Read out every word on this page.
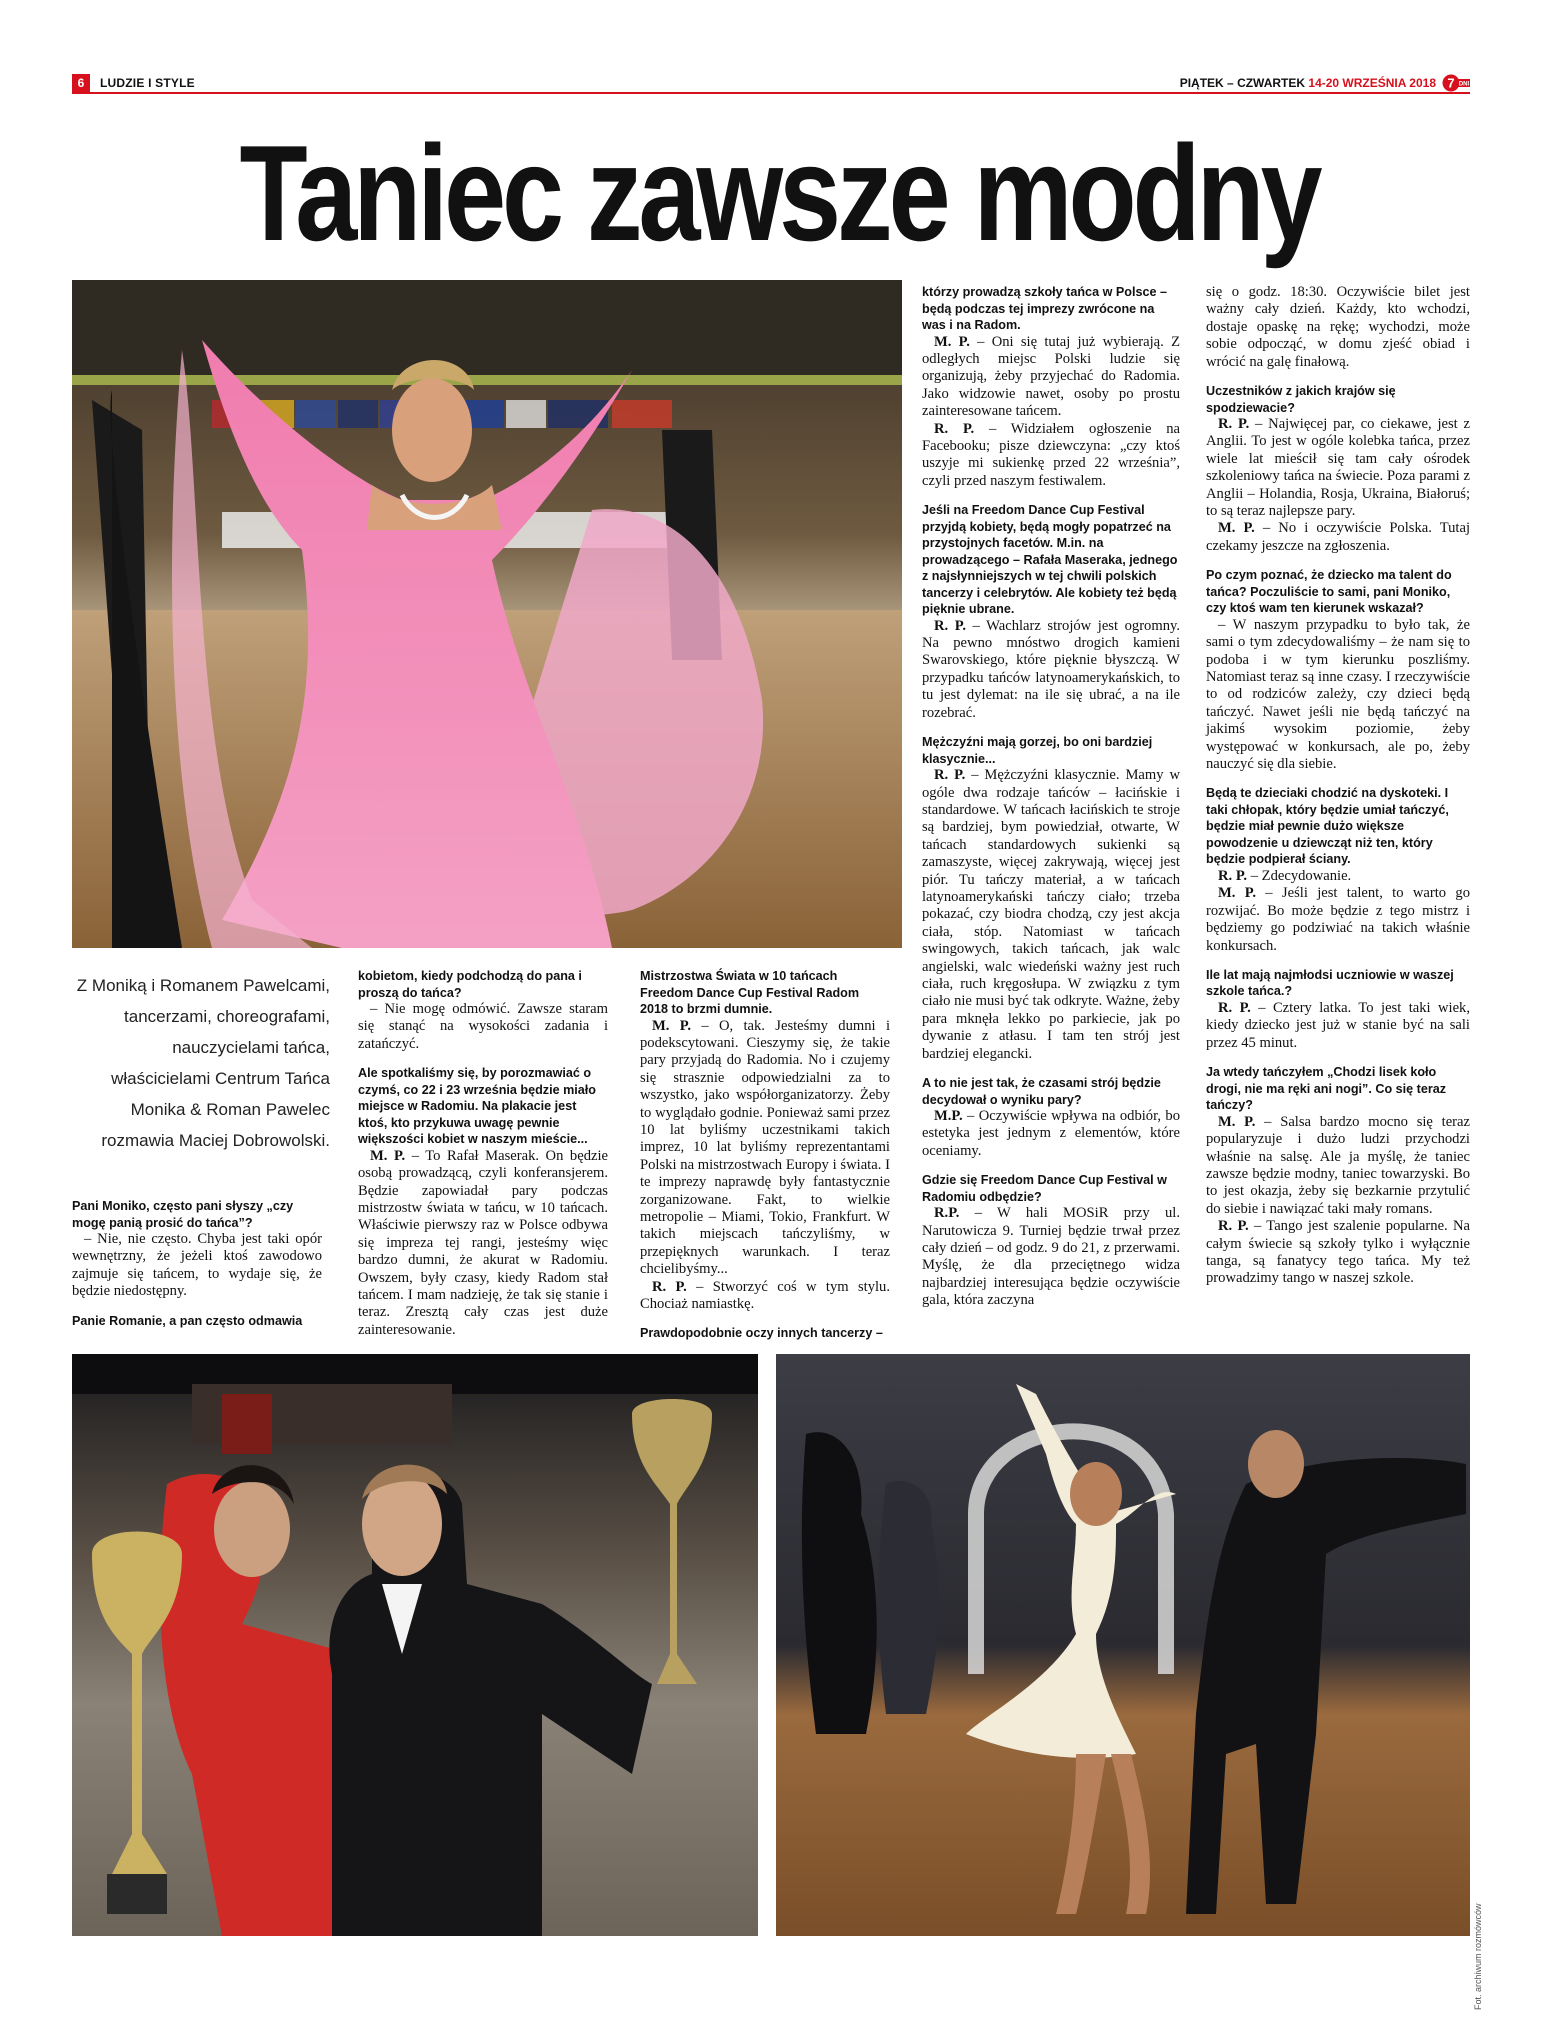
6	LUDZIE I STYLE	PIĄTEK – CZWARTEK 14-20 WRZEŚNIA 2018 7 DNI
Taniec zawsze modny
Z Moniką i Romanem Pawelcami, tancerzami, choreografami, nauczycielami tańca, właścicielami Centrum Tańca Monika & Roman Pawelec rozmawia Maciej Dobrowolski.

Pani Moniko, często pani słyszy „czy mogę panią prosić do tańca”?

– Nie, nie często. Chyba jest taki opór wewnętrzny, że jeżeli ktoś zawodowo zajmuje się tańcem, to wydaje się, że będzie niedostępny.

Panie Romanie, a pan często odmawia

kobietom, kiedy podchodzą do pana i proszą do tańca?

– Nie mogę odmówić. Zawsze staram się stanąć na wysokości zadania i zatańczyć.

Ale spotkaliśmy się, by porozmawiać o czymś, co 22 i 23 września będzie miało miejsce w Radomiu. Na plakacie jest ktoś, kto przykuwa uwagę pewnie większości kobiet w naszym mieście...

M. P. – To Rafał Maserak. On będzie osobą prowadzącą, czyli konferansjerem. Będzie zapowiadał pary podczas mistrzostw świata w tańcu, w 10 tańcach. Właściwie pierwszy raz w Polsce odbywa się impreza tej rangi, jesteśmy więc bardzo dumni, że akurat w Radomiu. Owszem, były czasy, kiedy Radom stał tańcem. I mam nadzieję, że tak się stanie i teraz. Zresztą cały czas jest duże zainteresowanie.

Mistrzostwa Świata w 10 tańcach Freedom Dance Cup Festival Radom 2018 to brzmi dumnie.

M. P. – O, tak. Jesteśmy dumni i podekscytowani. Cieszymy się, że takie pary przyjadą do Radomia. No i czujemy się strasznie odpowiedzialni za to wszystko, jako współorganizatorzy. Żeby to wyglądało godnie. Ponieważ sami przez 10 lat byliśmy uczestnikami takich imprez, 10 lat byliśmy reprezentantami Polski na mistrzostwach Europy i świata. I te imprezy naprawdę były fantastycznie zorganizowane. Fakt, to wielkie metropolie – Miami, Tokio, Frankfurt. W takich miejscach tańczyliśmy, w przepięknych warunkach. I teraz chcielibyśmy...

R. P. – Stworzyć coś w tym stylu. Chociaż namiastkę.

Prawdopodobnie oczy innych tancerzy –

którzy prowadzą szkoły tańca w Polsce – będą podczas tej imprezy zwrócone na was i na Radom.

M. P. – Oni się tutaj już wybierają. Z odległych miejsc Polski ludzie się organizują, żeby przyjechać do Radomia. Jako widzowie nawet, osoby po prostu zainteresowane tańcem.

R. P. – Widziałem ogłoszenie na Facebooku; pisze dziewczyna: „czy ktoś uszyje mi sukienkę przed 22 września”, czyli przed naszym festiwalem.

Jeśli na Freedom Dance Cup Festival przyjdą kobiety, będą mogły popatrzeć na przystojnych facetów. M.in. na prowadzącego – Rafała Maseraka, jednego z najsłynniejszych w tej chwili polskich tancerzy i celebrytów. Ale kobiety też będą pięknie ubrane.

R. P. – Wachlarz strojów jest ogromny. Na pewno mnóstwo drogich kamieni Swarovskiego, które pięknie błyszczą. W przypadku tańców latynoamerykańskich, to tu jest dylemat: na ile się ubrać, a na ile rozebrać.

Mężczyźni mają gorzej, bo oni bardziej klasycznie...

R. P. – Mężczyźni klasycznie. Mamy w ogóle dwa rodzaje tańców – łacińskie i standardowe. W tańcach łacińskich te stroje są bardziej, bym powiedział, otwarte, W tańcach standardowych sukienki są zamaszyste, więcej zakrywają, więcej jest piór. Tu tańczy materiał, a w tańcach latynoamerykański tańczy ciało; trzeba pokazać, czy biodra chodzą, czy jest akcja ciała, stóp. Natomiast w tańcach swingowych, takich tańcach, jak walc angielski, walc wiedeński ważny jest ruch ciała, ruch kręgosłupa. W związku z tym ciało nie musi być tak odkryte. Ważne, żeby para mknęła lekko po parkiecie, jak po dywanie z atłasu. I tam ten strój jest bardziej elegancki.

A to nie jest tak, że czasami strój będzie decydował o wyniku pary?

M.P. – Oczywiście wpływa na odbiór, bo estetyka jest jednym z elementów, które oceniamy.

Gdzie się Freedom Dance Cup Festival w Radomiu odbędzie?

R.P. – W hali MOSiR przy ul. Narutowicza 9. Turniej będzie trwał przez cały dzień – od godz. 9 do 21, z przerwami. Myślę, że dla przeciętnego widza najbardziej interesująca będzie oczywiście gala, która zaczyna

się o godz. 18:30. Oczywiście bilet jest ważny cały dzień. Każdy, kto wchodzi, dostaje opaskę na rękę; wychodzi, może sobie odpocząć, w domu zjeść obiad i wrócić na galę finałową.

Uczestników z jakich krajów się spodziewacie?

R. P. – Najwięcej par, co ciekawe, jest z Anglii. To jest w ogóle kolebka tańca, przez wiele lat mieścił się tam cały ośrodek szkoleniowy tańca na świecie. Poza parami z Anglii – Holandia, Rosja, Ukraina, Białoruś; to są teraz najlepsze pary.

M. P. – No i oczywiście Polska. Tutaj czekamy jeszcze na zgłoszenia.

Po czym poznać, że dziecko ma talent do tańca? Poczuliście to sami, pani Moniko, czy ktoś wam ten kierunek wskazał?

– W naszym przypadku to było tak, że sami o tym zdecydowaliśmy – że nam się to podoba i w tym kierunku poszliśmy. Natomiast teraz są inne czasy. I rzeczywiście to od rodziców zależy, czy dzieci będą tańczyć. Nawet jeśli nie będą tańczyć na jakimś wysokim poziomie, żeby występować w konkursach, ale po, żeby nauczyć się dla siebie.

Będą te dzieciaki chodzić na dyskoteki. I taki chłopak, który będzie umiał tańczyć, będzie miał pewnie dużo większe powodzenie u dziewcząt niż ten, który będzie podpierał ściany.

R. P. – Zdecydowanie.

M. P. – Jeśli jest talent, to warto go rozwijać. Bo może będzie z tego mistrz i będziemy go podziwiać na takich właśnie konkursach.

Ile lat mają najmłodsi uczniowie w waszej szkole tańca.?

R. P. – Cztery latka. To jest taki wiek, kiedy dziecko jest już w stanie być na sali przez 45 minut.

Ja wtedy tańczyłem „Chodzi lisek koło drogi, nie ma ręki ani nogi”. Co się teraz tańczy?

M. P. – Salsa bardzo mocno się teraz popularyzuje i dużo ludzi przychodzi właśnie na salsę. Ale ja myślę, że taniec zawsze będzie modny, taniec towarzyski. Bo to jest okazja, żeby się bezkarnie przytulić do siebie i nawiązać taki mały romans.

R. P. – Tango jest szalenie popularne. Na całym świecie są szkoły tylko i wyłącznie tanga, są fanatycy tego tańca. My też prowadzimy tango w naszej szkole.

Fot. archiwum rozmówców
